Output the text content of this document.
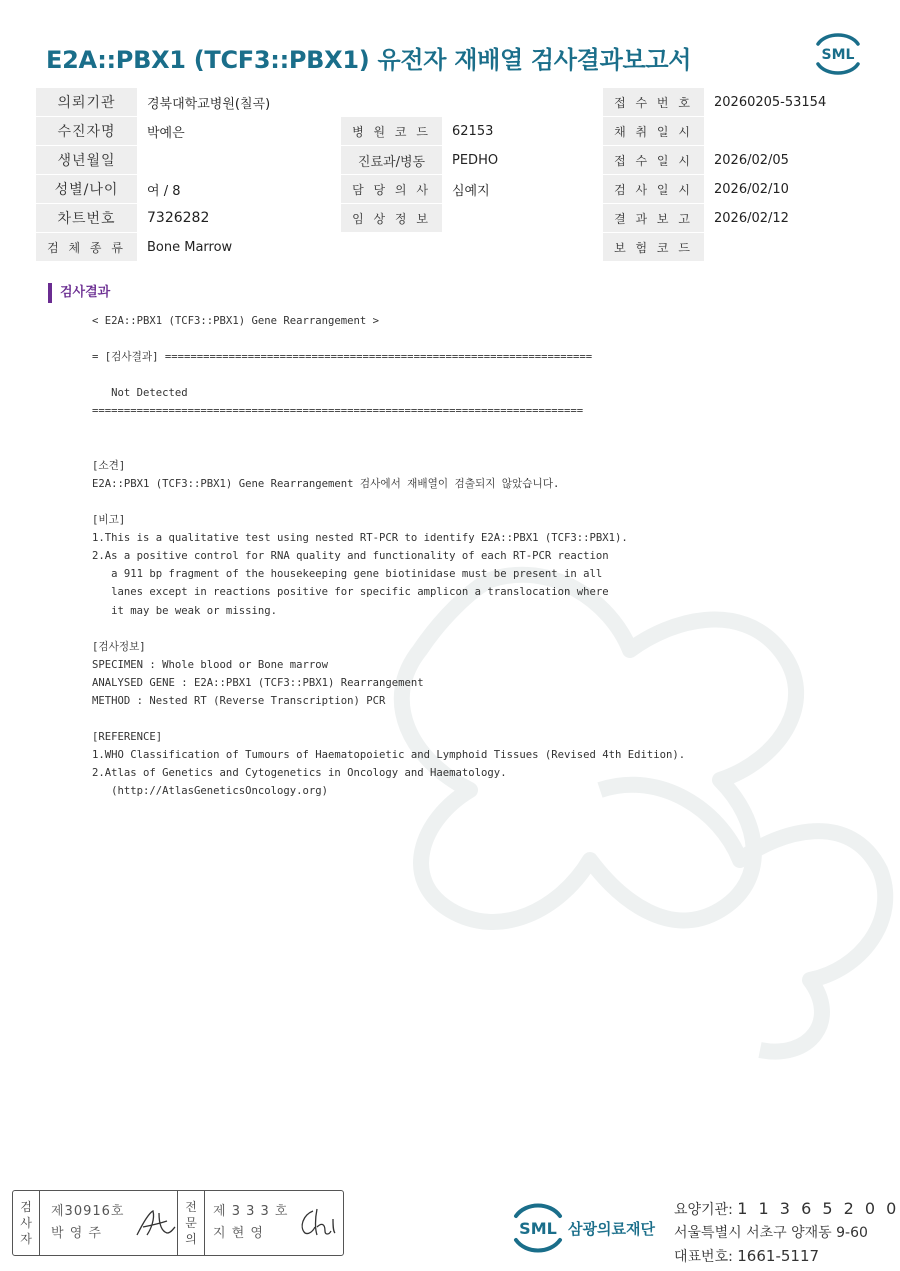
E2A::PBX1 (TCF3::PBX1) 유전자 재배열 검사결과보고서	SML
의뢰기관	경북대학교병원(칠곡)			접 수 번 호	20260205-53154
수진자명	박예은	병 원 코 드	62153	채 취 일 시	
생년월일		진료과/병동	PEDHO	접 수 일 시	2026/02/05
성별/나이	여 / 8	담 당 의 사	심예지	검 사 일 시	2026/02/10
차트번호	7326282	임 상 정 보		결 과 보 고	2026/02/12
검 체 종 류	Bone Marrow			보 험 코 드	
검사결과
< E2A::PBX1 (TCF3::PBX1) Gene Rearrangement >
= [검사결과] ===================================================================
Not Detected
=============================================================================
[소견]
E2A::PBX1 (TCF3::PBX1) Gene Rearrangement 검사에서 재배열이 검출되지 않았습니다.
[비고]
1.This is a qualitative test using nested RT-PCR to identify E2A::PBX1 (TCF3::PBX1).
2.As a positive control for RNA quality and functionality of each RT-PCR reaction
a 911 bp fragment of the housekeeping gene biotinidase must be present in all
lanes except in reactions positive for specific amplicon a translocation where
it may be weak or missing.
[검사정보]
SPECIMEN : Whole blood or Bone marrow
ANALYSED GENE : E2A::PBX1 (TCF3::PBX1) Rearrangement
METHOD : Nested RT (Reverse Transcription) PCR
[REFERENCE]
1.WHO Classification of Tumours of Haematopoietic and Lymphoid Tissues (Revised 4th Edition).
2.Atlas of Genetics and Cytogenetics in Oncology and Haematology.
(http://AtlasGeneticsOncology.org)
검
사
자
제30916호
박 영 주
전
문
의
제 3 3 3 호
지 현 영	SML 삼광의료재단
요양기관: 1 1 3 6 5 2 0 0
서울특별시 서초구 양재동 9-60
대표번호: 1661-5117
